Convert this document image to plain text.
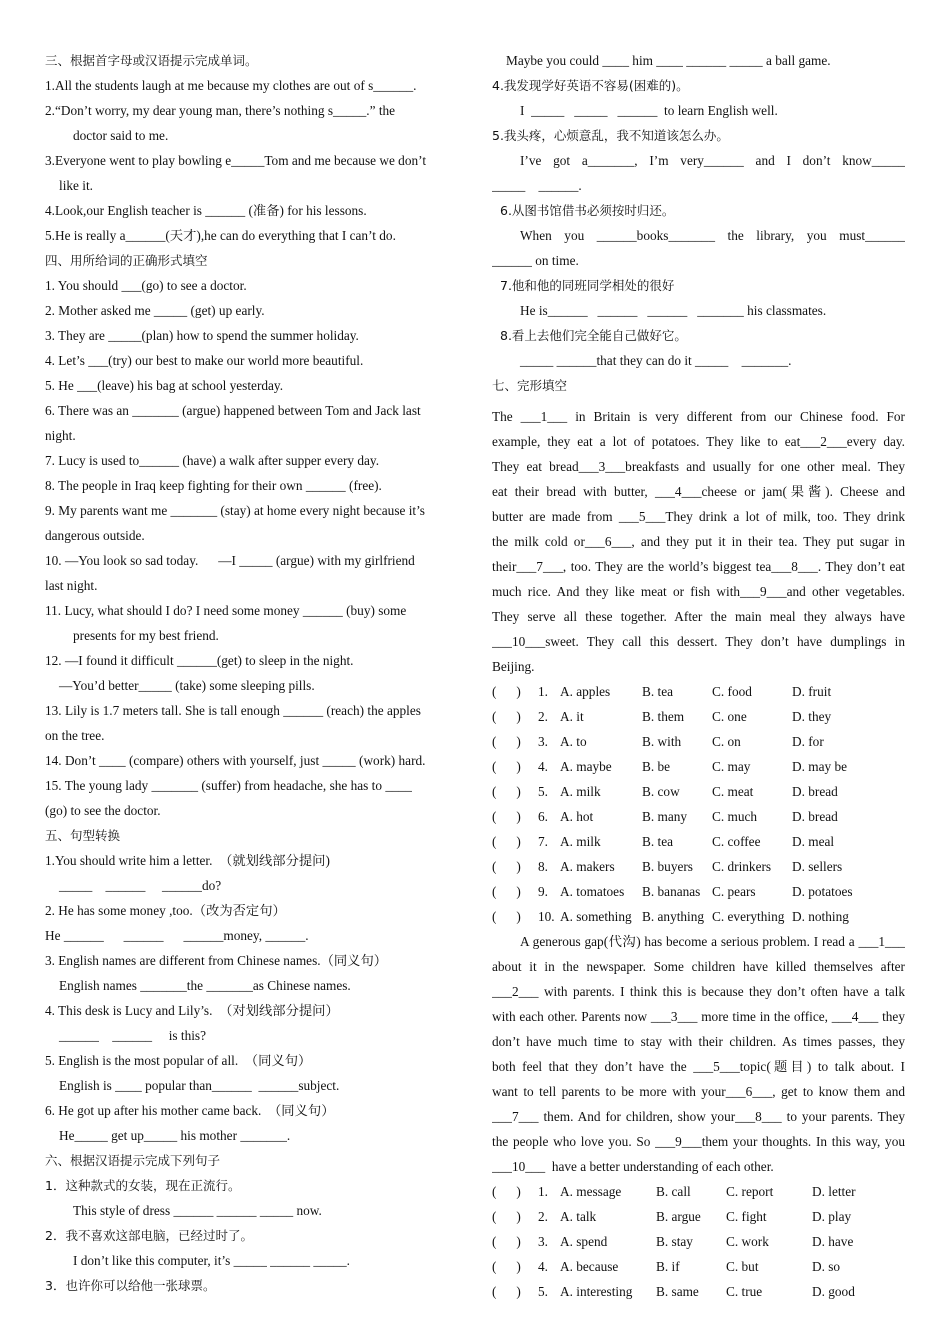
三、根据首字母或汉语提示完成单词。
1.All the students laugh at me because my clothes are out of s______.
2.“Don’t worry, my dear young man, there’s nothing s_____.” the
doctor said to me.
3.Everyone went to play bowling e_____Tom and me because we don’t
like it.
4.Look,our English teacher is ______ (准备) for his lessons.
5.He is really a______(天才),he can do everything that I can’t do.
四、用所给词的正确形式填空
1. You should ___(go) to see a doctor.
2. Mother asked me _____ (get) up early.
3. They are _____(plan) how to spend the summer holiday.
4. Let’s ___(try) our best to make our world more beautiful.
5. He ___(leave) his bag at school yesterday.
6. There was an _______ (argue) happened between Tom and Jack last
night.
7. Lucy is used to______ (have) a walk after supper every day.
8. The people in Iraq keep fighting for their own ______ (free).
9. My parents want me _______ (stay) at home every night because it’s
dangerous outside.
10. —You look so sad today.      —I _____ (argue) with my girlfriend
last night.
11. Lucy, what should I do? I need some money ______ (buy) some
presents for my best friend.
12. —I found it difficult ______(get) to sleep in the night.
—You’d better_____ (take) some sleeping pills.
13. Lily is 1.7 meters tall. She is tall enough ______ (reach) the apples
on the tree.
14. Don’t ____ (compare) others with yourself, just _____ (work) hard.
15. The young lady _______ (suffer) from headache, she has to ____
(go) to see the doctor.
五、句型转换
1.You should write him a letter.  （就划线部分提问)
_____    ______     ______do?
2. He has some money ,too.（改为否定句）
He ______      ______      ______money, ______.
3. English names are different from Chinese names.（同义句）
English names _______the _______as Chinese names.
4. This desk is Lucy and Lily’s.  （对划线部分提问）
______    ______     is this?
5. English is the most popular of all.  （同义句）
English is ____ popular than______  ______subject.
6. He got up after his mother came back.  （同义句）
He_____ get up_____ his mother _______.
六、根据汉语提示完成下列句子
1．这种款式的女装，现在正流行。
This style of dress ______ ______ _____ now.
2．我不喜欢这部电脑，已经过时了。
I don’t like this computer, it’s _____ ______ _____.
3．也许你可以给他一张球票。
Maybe you could ____ him ____ ______ _____ a ball game.
4.我发现学好英语不容易(困难的)。
I  _____   _____   ______  to learn English well.
5.我头疼，心烦意乱，我不知道该怎么办。
I’ve got a_______, I’m very______ and I don’t know_____
_____    ______.
6.从图书馆借书必须按时归还。
When you ______books_______ the library, you must______
______ on time.
7.他和他的同班同学相处的很好
He is______   ______   ______   _______ his classmates.
8.看上去他们完全能自己做好它。
_____ ______that they can do it _____    _______.
七、完形填空
The ___1___ in Britain is very different from our Chinese food. For
example, they eat a lot of potatoes. They like to eat___2___every day.
They eat bread___3___breakfasts and usually for one other meal. They
eat their bread with butter, ___4___cheese or jam(果酱). Cheese and
butter are made from ___5___They drink a lot of milk, too. They drink
the milk cold or___6___, and they put it in their tea. They put sugar in
their___7___, too. They are the world’s biggest tea___8___. They don’t eat
much rice. And they like meat or fish with___9___and other vegetables.
They serve all these together. After the main meal they always have
___10___sweet. They call this dessert. They don’t have dumplings in
Beijing.
(      )	1. A. apples	B. tea	C. food	D. fruit
(      )	2. A. it	B. them	C. one	D. they
(      )	3. A. to	B. with	C. on	D. for
(      )	4. A. maybe	B. be	C. may	D. may be
(      )	5. A. milk	B. cow	C. meat	D. bread
(      )	6. A. hot	B. many	C. much	D. bread
(      )	7. A. milk	B. tea	C. coffee	D. meal
(      )	8. A. makers	B. buyers	C. drinkers	D. sellers
(      )	9. A. tomatoes	B. bananas C. pears	D. potatoes
(      )	10. A. something B. anything C. everything D. nothing
A generous gap(代沟) has become a serious problem. I read a ___1___
about it in the newspaper. Some children have killed themselves after
___2___ with parents. I think this is because they don’t often have a talk
with each other. Parents now ___3___ more time in the office, ___4___ they
don’t have much time to stay with their children. As times passes, they
both feel that they don’t have the ___5___topic(题目) to talk about. I
want to tell parents to be more with your___6___, get to know them and
___7___ them. And for children, show your___8___ to your parents. They
the people who love you. So ___9___them your thoughts. In this way, you
___10___  have a better understanding of each other.
(      )	1. A. message	B. call	C. report	D. letter
(      )	2. A. talk	B. argue	C. fight	D. play
(      )	3. A. spend	B. stay	C. work	D. have
(      )	4. A. because	B. if	C. but	D. so
(      )	5. A. interesting	B. same	C. true	D. good
